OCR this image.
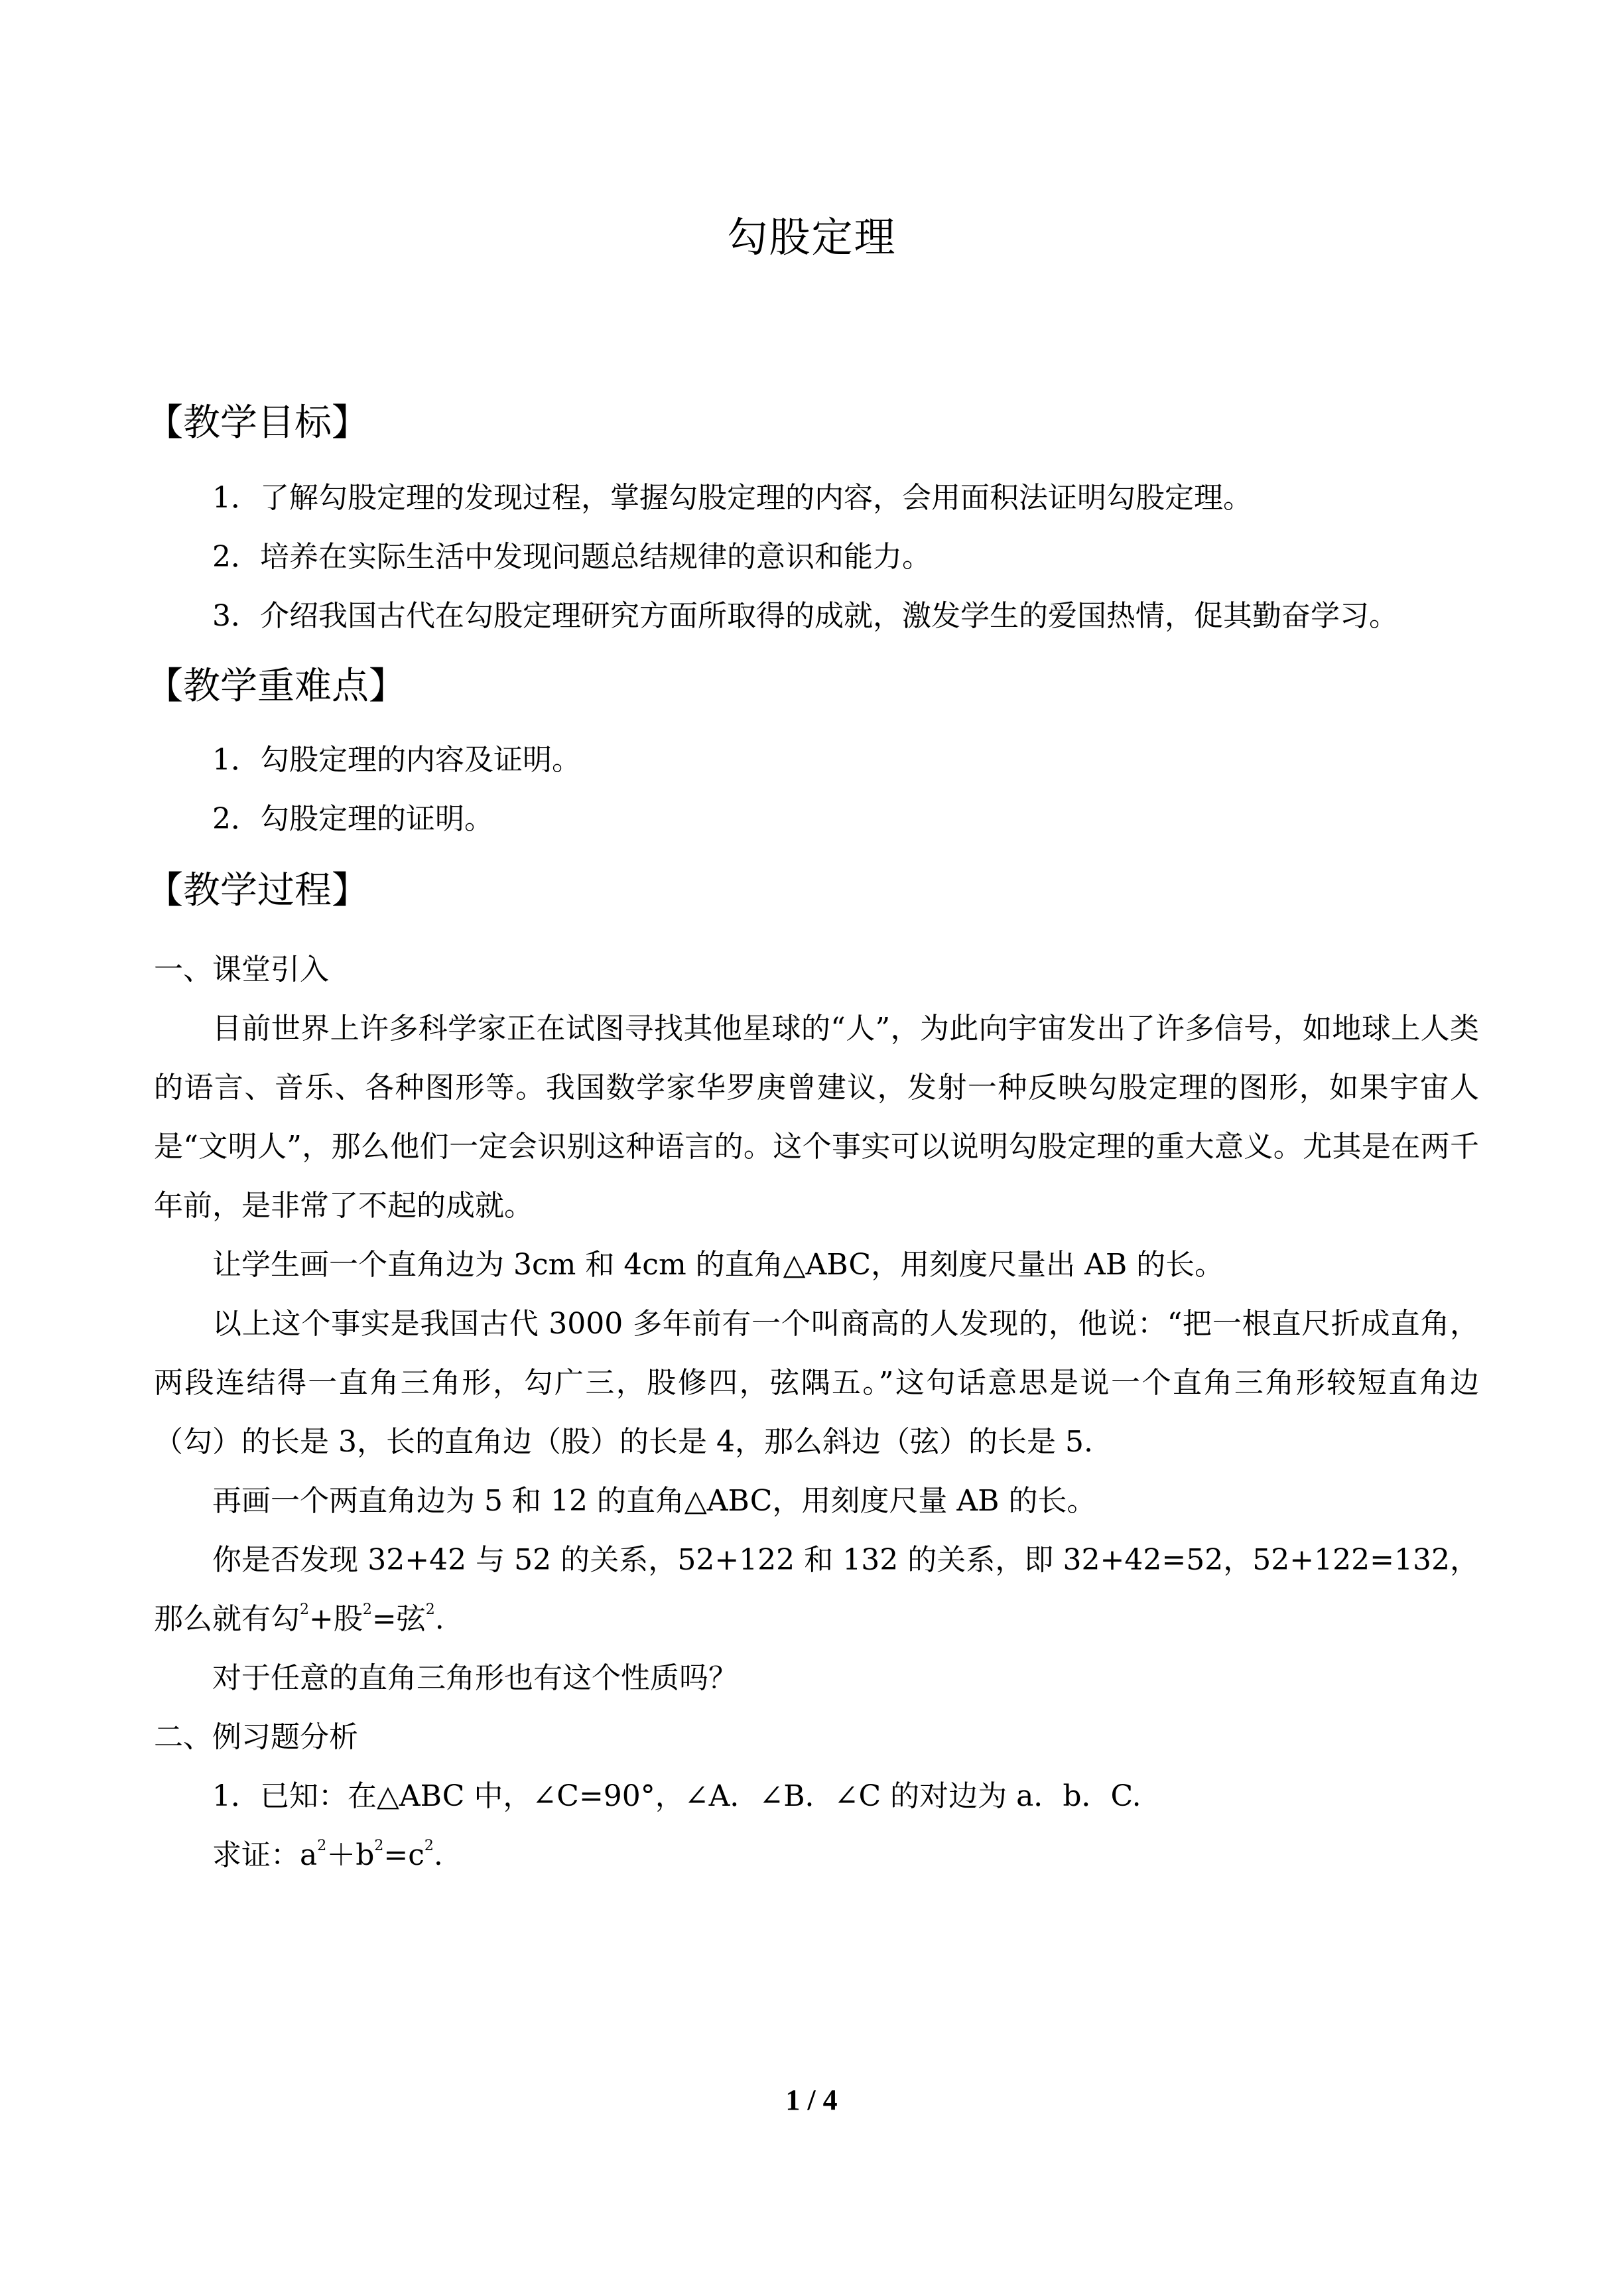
勾股定理
【教学目标】
1．了解勾股定理的发现过程，掌握勾股定理的内容，会用面积法证明勾股定理。
2．培养在实际生活中发现问题总结规律的意识和能力。
3．介绍我国古代在勾股定理研究方面所取得的成就，激发学生的爱国热情，促其勤奋学习。
【教学重难点】
1．勾股定理的内容及证明。
2．勾股定理的证明。
【教学过程】
一、课堂引入
目前世界上许多科学家正在试图寻找其他星球的“人”，为此向宇宙发出了许多信号，如地球上人类的语言、音乐、各种图形等。我国数学家华罗庚曾建议，发射一种反映勾股定理的图形，如果宇宙人是“文明人”，那么他们一定会识别这种语言的。这个事实可以说明勾股定理的重大意义。尤其是在两千年前，是非常了不起的成就。
让学生画一个直角边为 3cm 和 4cm 的直角△ABC，用刻度尺量出 AB 的长。
以上这个事实是我国古代 3000 多年前有一个叫商高的人发现的，他说：“把一根直尺折成直角，两段连结得一直角三角形，勾广三，股修四，弦隅五。”这句话意思是说一个直角三角形较短直角边（勾）的长是 3，长的直角边（股）的长是 4，那么斜边（弦）的长是 5.
再画一个两直角边为 5 和 12 的直角△ABC，用刻度尺量 AB 的长。
你是否发现 32+42 与 52 的关系，52+122 和 132 的关系，即 32+42=52，52+122=132，那么就有勾$^2$+股$^2$=弦$^2$.
对于任意的直角三角形也有这个性质吗？
二、例习题分析
1．已知：在△ABC 中，∠C=90°，∠A．∠B．∠C 的对边为 a．b．C.
求证：$a^2+b^2=c^2$.
1 / 4
